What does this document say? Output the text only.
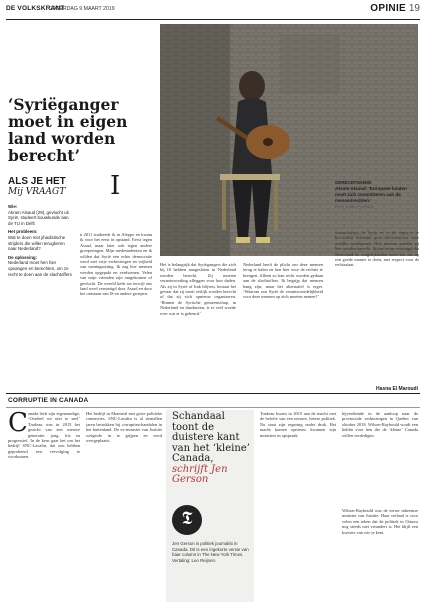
DE VOLKSKRANT
ZATERDAG 9 MAART 2019	OPINIE 19
‘Syriëganger moet in eigen land worden berecht’
GERECHTIGHEID
Akram Alsaud: ‘Europese landen moet zich committeren aan de mensenrechten.’
Foto Katja Poelwijk
ALS JE HET
Mij VRAAGT
Wie:
Akram Alsaud (29), gevlucht uit Syrië, studeert bouwkunde aan de TU in Delft
Het probleem:
Wat te doen met jihadistische strijders die willen terugkeren naar Nederland?
De oplossing:
Nederland moet hen hier opvangen en berechten, om ze recht te doen aan de slachtoffers
I
n 2011 studeerde ik in Aleppo en kwam ik voor het eerst in opstand. Eerst tegen Assad, maar later ook tegen andere groeperingen. Mijn medestudenten en ik wilden dat Syrië een echte democratie werd met vrije verkiezingen en vrijheid van meningsuiting. Ik zag hoe mensen werden opgepakt en verdwenen. Velen van mijn vrienden zijn omgekomen of gevlucht. De wereld keek toe terwijl ons land werd vernietigd door Assad en door het ontstaan van IS en andere groepen.
Het is belangrijk dat Syriëgangers die zich bij IS hebben aangesloten in Nederland worden berecht. Zij moeten verantwoording afleggen voor hun daden. Als zij in Syrië of Irak blijven, bestaat het gevaar dat zij nooit eerlijk worden berecht of dat zij zich opnieuw organiseren. ‘Binnen de Syrische gemeenschap, in Nederland en daarbuiten, is er veel woede over wat er is gebeurd.’
Nederland heeft de plicht om deze mensen terug te halen en hen hier voor de rechter te brengen. Alleen zo kan recht worden gedaan aan de slachtoffers. Ik begrijp dat mensen bang zijn, maar het alternatief is erger. ‘Waarom zou Syrië de verantwoordelijkheid voor deze mensen op zich moeten nemen?’
maatschappij. In Syrië en in de regio is er bovendien helemaal geen infrastructuur voor eerlijke rechtspraak. Ook daarom moeten zij hier worden berecht. Ik ben ervan overtuigd dat Nederland de mogelijkheden heeft om dat op een goede manier te doen, met respect voor de rechtsstaat.
Hasna El Maroudi
CORRUPTIE IN CANADA
C anada leeft zijn eigenaardige, ‘Oordeel we niet te snel’ Trudeau was in 2015 het gezicht van een nieuwe generatie: jong, fris en progressief. In de kern gaat het om het bedrijf SNC-Lavalin, dat zou hebben geprobeerd een vervolging te voorkomen.
Het bedrijf in Montreal met grote politieke connecties. SNC-Lavalin is al tientallen jaren betrokken bij corruptieschandalen in het buitenland. De ex-minister van Justitie weigerde in te grijpen en werd overgeplaatst.
Schandaal toont de duistere kant van het ‘kleine’ Canada, schrijft Jen Gerson
𝕿
Jen Gerson is politiek journalist in Canada. Dit is een ingekorte versie van haar column in The New York Times. Vertaling: Leo Reijnen.
Trudeau kwam in 2015 aan de macht met de belofte van een nieuwe, betere politiek. Nu staat zijn regering onder druk. Het macht komen opnieuw kwamen zijn ministers in opspraak.
bijverdiende in de aanloop naar de provinciale verkiezingen in Quebec van oktober 2018. Wilson-Raybould wordt een heldin voor hen die de ‘kleine’ Canada willen verdedigen.
Wilson-Raybould was de eerste inheemse minister van Justitie. Haar verhaal is voor velen een teken dat de politiek in Ottawa nog steeds niet verandert is. Het blijft een kwestie van wie je kent.
